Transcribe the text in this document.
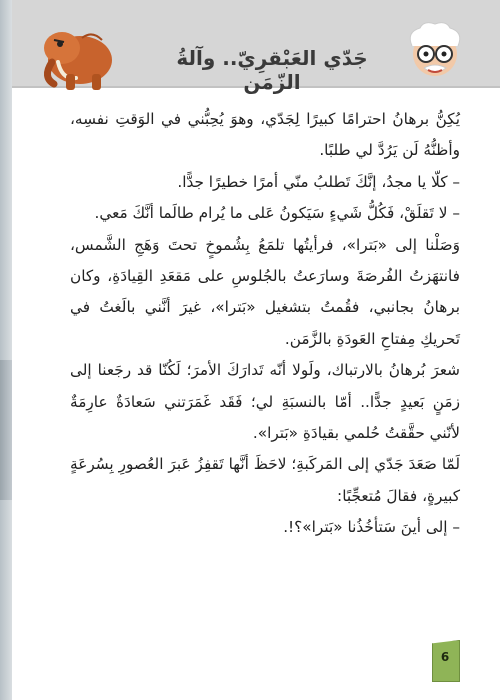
جَدّي العَبْقرِيّ.. وآلةُ الزّمَن

يُكِنُّ برهانُ احترامًا كبيرًا لِجَدّي، وهوَ يُحِبُّني في الوَقتِ نفسِه، وأظنُّهُ لَن يَرُدَّ لي طلبًا.

– كلّا يا مجدُ، إنَّكَ تَطلبُ منّي أمرًا خطيرًا جدًّا.

– لا تَقلَقْ، فَكُلُّ شَيءٍ سَيَكونُ عَلى ما يُرام طالَما أنَّكَ مَعي.

وَصَلْنا إلى «بَترا»، فرأيتُها تلمَعُ بِشُموخٍ تحتَ وَهَجِ الشَّمس، فانتهَزتُ الفُرصَةَ وسارَعتُ بالجُلوسِ على مَقعَدِ القِيادَةِ، وكان برهانُ بجانبي، فقُمتُ بتشغيل «بَترا»، غيرَ أنَّني بالَغتُ في تَحريكِ مِفتاحِ العَودَةِ بالزَّمَن.

شعرَ بُرهانُ بالارتباك، ولَولا أنّه تَدارَكَ الأمرَ؛ لَكُنّا قد رجَعنا إلى زمَنٍ بَعيدٍ جدًّا.. أمّا بالنسبَةِ لي؛ فَقَد غَمَرَتني سَعادَةٌ عارِمَةٌ لأنّني حقَّقتُ حُلمي بقيادَةِ «بَترا».

لَمّا صَعَدَ جَدّي إلى المَركَبةِ؛ لاحَظَ أنَّها تَقفِزُ عَبرَ العُصورِ بِسُرعَةٍ كبيرةٍ، فقالَ مُتعجِّبًا:

– إلى أينَ سَتأخُذُنا «بَترا»؟!.

6
